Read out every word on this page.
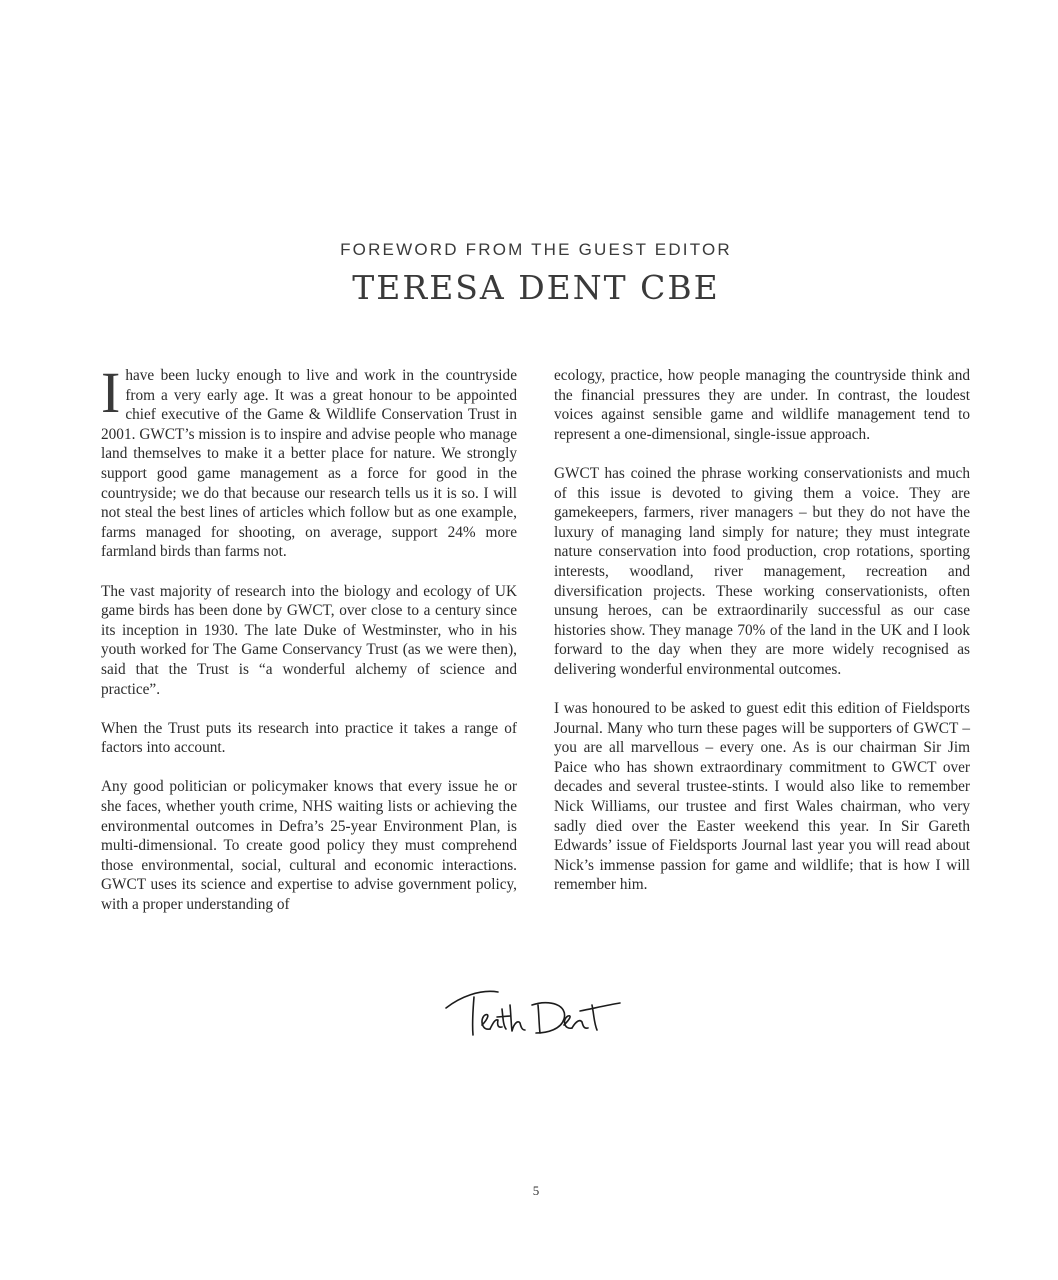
FOREWORD FROM THE GUEST EDITOR
TERESA DENT CBE

Ihave been lucky enough to live and work in the countryside from a very early age. It was a great honour to be appointed chief executive of the Game & Wildlife Conservation Trust in 2001. GWCT’s mission is to inspire and advise people who manage land themselves to make it a better place for nature. We strongly support good game management as a force for good in the countryside; we do that because our research tells us it is so. I will not steal the best lines of articles which follow but as one example, farms managed for shooting, on average, support 24% more farmland birds than farms not.

The vast majority of research into the biology and ecology of UK game birds has been done by GWCT, over close to a century since its inception in 1930. The late Duke of Westminster, who in his youth worked for The Game Conservancy Trust (as we were then), said that the Trust is “a wonderful alchemy of science and practice”.

When the Trust puts its research into practice it takes a range of factors into account.

Any good politician or policymaker knows that every issue he or she faces, whether youth crime, NHS waiting lists or achieving the environmental outcomes in Defra’s 25-year Environment Plan, is multi-dimensional. To create good policy they must comprehend those environmental, social, cultural and economic interactions. GWCT uses its science and expertise to advise government policy, with a proper understanding of

ecology, practice, how people managing the countryside think and the financial pressures they are under. In contrast, the loudest voices against sensible game and wildlife management tend to represent a one-dimensional, single-issue approach.

GWCT has coined the phrase working conservationists and much of this issue is devoted to giving them a voice. They are gamekeepers, farmers, river managers – but they do not have the luxury of managing land simply for nature; they must integrate nature conservation into food production, crop rotations, sporting interests, woodland, river management, recreation and diversification projects. These working conservationists, often unsung heroes, can be extraordinarily successful as our case histories show. They manage 70% of the land in the UK and I look forward to the day when they are more widely recognised as delivering wonderful environmental outcomes.

I was honoured to be asked to guest edit this edition of Fieldsports Journal. Many who turn these pages will be supporters of GWCT – you are all marvellous – every one. As is our chairman Sir Jim Paice who has shown extraordinary commitment to GWCT over decades and several trustee-stints. I would also like to remember Nick Williams, our trustee and first Wales chairman, who very sadly died over the Easter weekend this year. In Sir Gareth Edwards’ issue of Fieldsports Journal last year you will read about Nick’s immense passion for game and wildlife; that is how I will remember him.

5
